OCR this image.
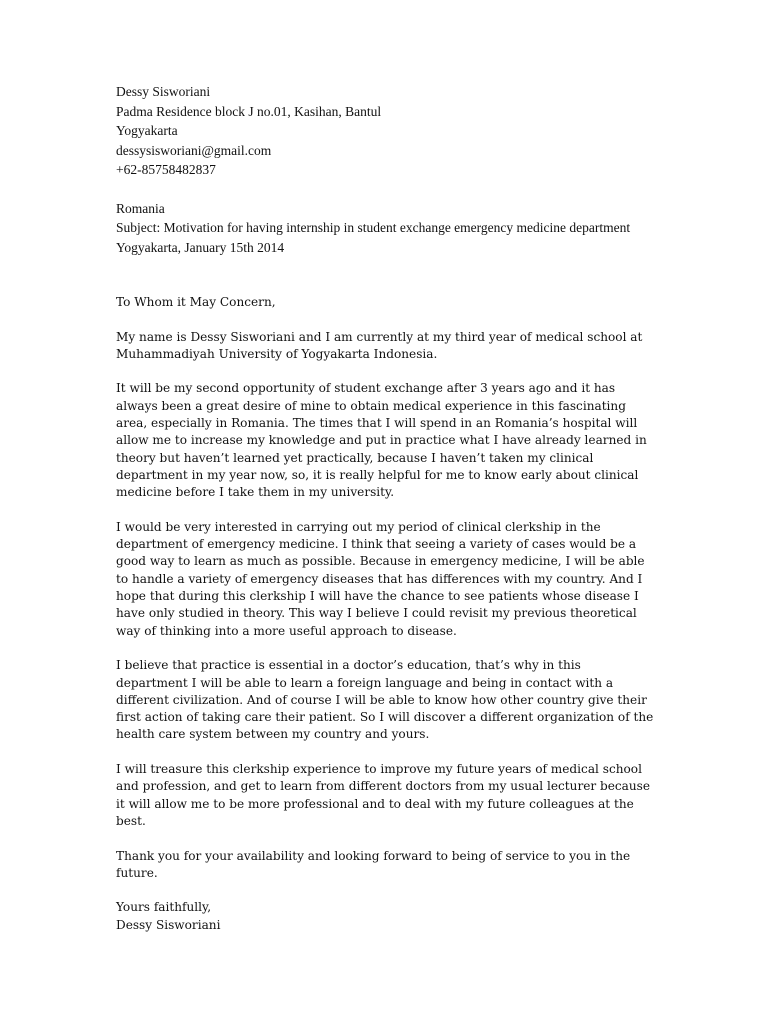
Dessy Sisworiani
Padma Residence block J no.01, Kasihan, Bantul
Yogyakarta
dessysisworiani@gmail.com
+62-85758482837
Romania
Subject: Motivation for having internship in student exchange emergency medicine department
Yogyakarta, January 15th 2014

To Whom it May Concern,

My name is Dessy Sisworiani and I am currently at my third year of medical school at Muhammadiyah University of Yogyakarta Indonesia.

It will be my second opportunity of student exchange after 3 years ago and it has always been a great desire of mine to obtain medical experience in this fascinating area, especially in Romania. The times that I will spend in an Romania’s hospital will allow me to increase my knowledge and put in practice what I have already learned in theory but haven’t learned yet practically, because I haven’t taken my clinical department in my year now, so, it is really helpful for me to know early about clinical medicine before I take them in my university.

I would be very interested in carrying out my period of clinical clerkship in the department of emergency medicine. I think that seeing a variety of cases would be a good way to learn as much as possible. Because in emergency medicine, I will be able to handle a variety of emergency diseases that has differences with my country. And I hope that during this clerkship I will have the chance to see patients whose disease I have only studied in theory. This way I believe I could revisit my previous theoretical way of thinking into a more useful approach to disease.

I believe that practice is essential in a doctor’s education, that’s why in this department I will be able to learn a foreign language and being in contact with a different civilization. And of course I will be able to know how other country give their first action of taking care their patient. So I will discover a different organization of the health care system between my country and yours.

I will treasure this clerkship experience to improve my future years of medical school and profession, and get to learn from different doctors from my usual lecturer because it will allow me to be more professional and to deal with my future colleagues at the best.

Thank you for your availability and looking forward to being of service to you in the future.

Yours faithfully,

Dessy Sisworiani
